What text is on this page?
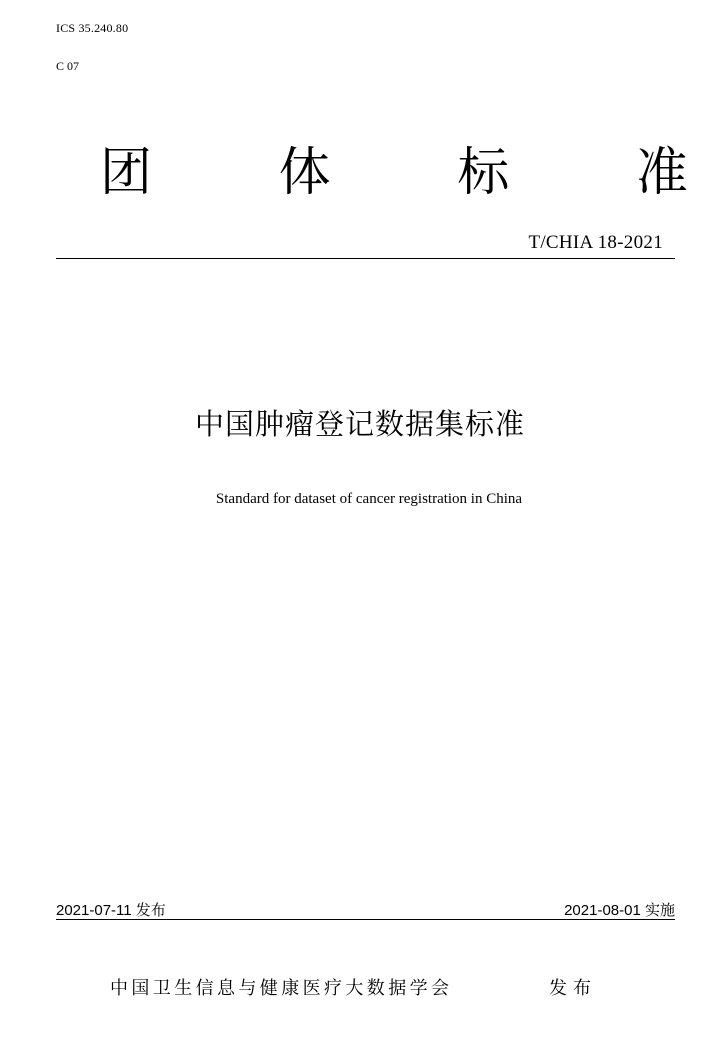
ICS 35.240.80
C 07
团 体 标 准
T/CHIA 18-2021
中国肿瘤登记数据集标准
Standard for dataset of cancer registration in China
2021-07-11 发布	2021-08-01 实施
中国卫生信息与健康医疗大数据学会	发布
